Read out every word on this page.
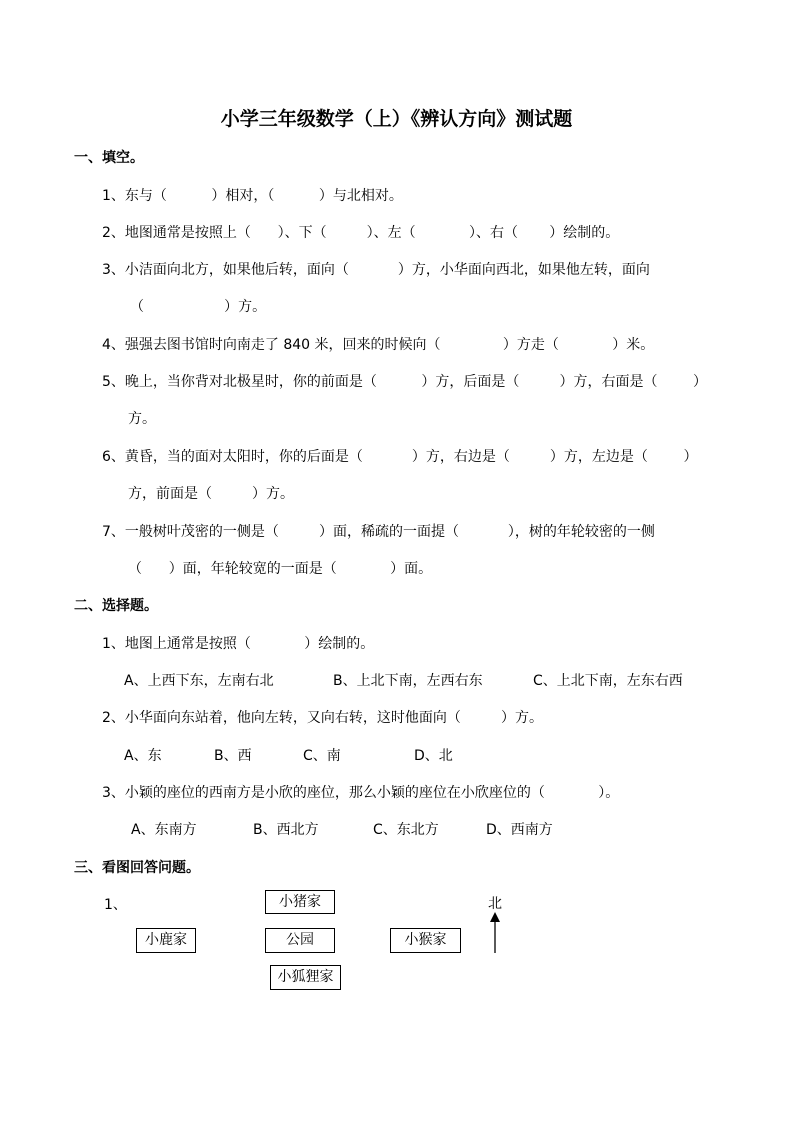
小学三年级数学（上）《辨认方向》测试题
一、填空。
1、东与（          ）相对，（          ）与北相对。
2、地图通常是按照上（      ）、下（         ）、左（            ）、右（       ）绘制的。
3、小洁面向北方，如果他后转，面向（           ）方，小华面向西北，如果他左转，面向
（                  ）方。
4、强强去图书馆时向南走了 840 米，回来的时候向（              ）方走（            ）米。
5、晚上，当你背对北极星时，你的前面是（          ）方，后面是（         ）方，右面是（        ）
方。
6、黄昏，当的面对太阳时，你的后面是（           ）方，右边是（         ）方，左边是（        ）
方，前面是（         ）方。
7、一般树叶茂密的一侧是（         ）面，稀疏的一面提（           ），树的年轮较密的一侧
（      ）面，年轮较宽的一面是（            ）面。
二、选择题。
1、地图上通常是按照（            ）绘制的。
A、上西下东，左南右北	B、上北下南，左西右东	C、上北下南，左东右西
2、小华面向东站着，他向左转，又向右转，这时他面向（         ）方。
A、东	B、西	C、南	D、北
3、小颖的座位的西南方是小欣的座位，那么小颖的座位在小欣座位的（            ）。
A、东南方	B、西北方	C、东北方	D、西南方
三、看图回答问题。
1、	小猪家
小鹿家	公园	小猴家
小狐狸家
北
